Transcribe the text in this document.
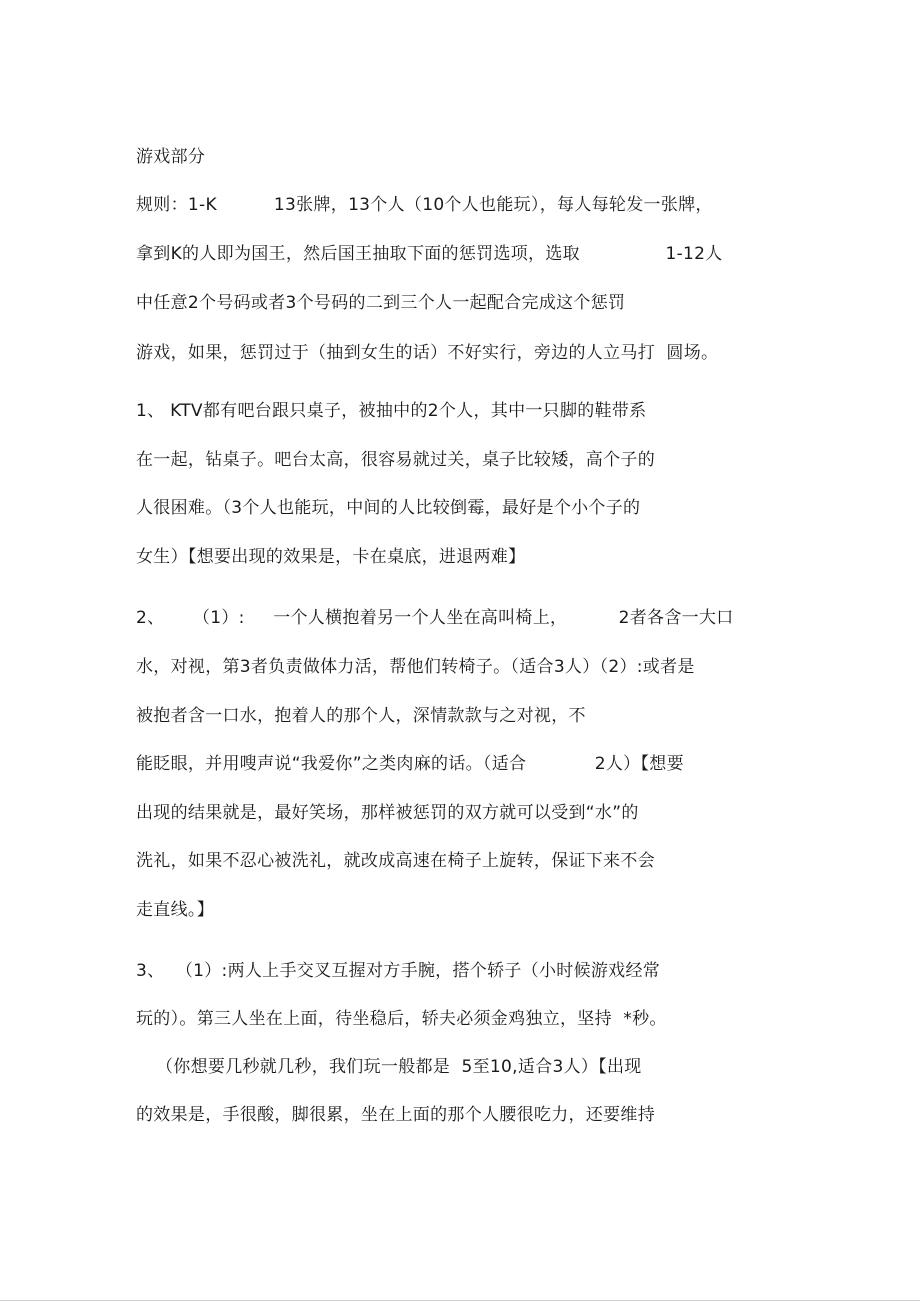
游戏部分
规则：1-K          13张牌，13个人（10个人也能玩），每人每轮发一张牌，
拿到K的人即为国王，然后国王抽取下面的惩罚选项，选取               1-12人
中任意2个号码或者3个号码的二到三个人一起配合完成这个惩罚
游戏，如果，惩罚过于（抽到女生的话）不好实行，旁边的人立马打  圆场。
1、 KTV都有吧台跟只桌子，被抽中的2个人，其中一只脚的鞋带系
在一起，钻桌子。吧台太高，很容易就过关，桌子比较矮，高个子的
人很困难。（3个人也能玩，中间的人比较倒霉，最好是个小个子的
女生）【想要出现的效果是，卡在桌底，进退两难】
2、     （1）:     一个人横抱着另一个人坐在高叫椅上，         2者各含一大口
水，对视，第3者负责做体力活，帮他们转椅子。（适合3人）（2）:或者是
被抱者含一口水，抱着人的那个人，深情款款与之对视，不
能眨眼，并用嗖声说“我爱你”之类肉麻的话。（适合            2人）【想要
出现的结果就是，最好笑场，那样被惩罚的双方就可以受到“水”的
洗礼，如果不忍心被洗礼，就改成高速在椅子上旋转，保证下来不会
走直线。】
3、  （1）:两人上手交叉互握对方手腕，搭个轿子（小时候游戏经常
玩的）。第三人坐在上面，待坐稳后，轿夫必须金鸡独立，坚持  *秒。
（你想要几秒就几秒，我们玩一般都是  5至10,适合3人）【出现
的效果是，手很酸，脚很累，坐在上面的那个人腰很吃力，还要维持
